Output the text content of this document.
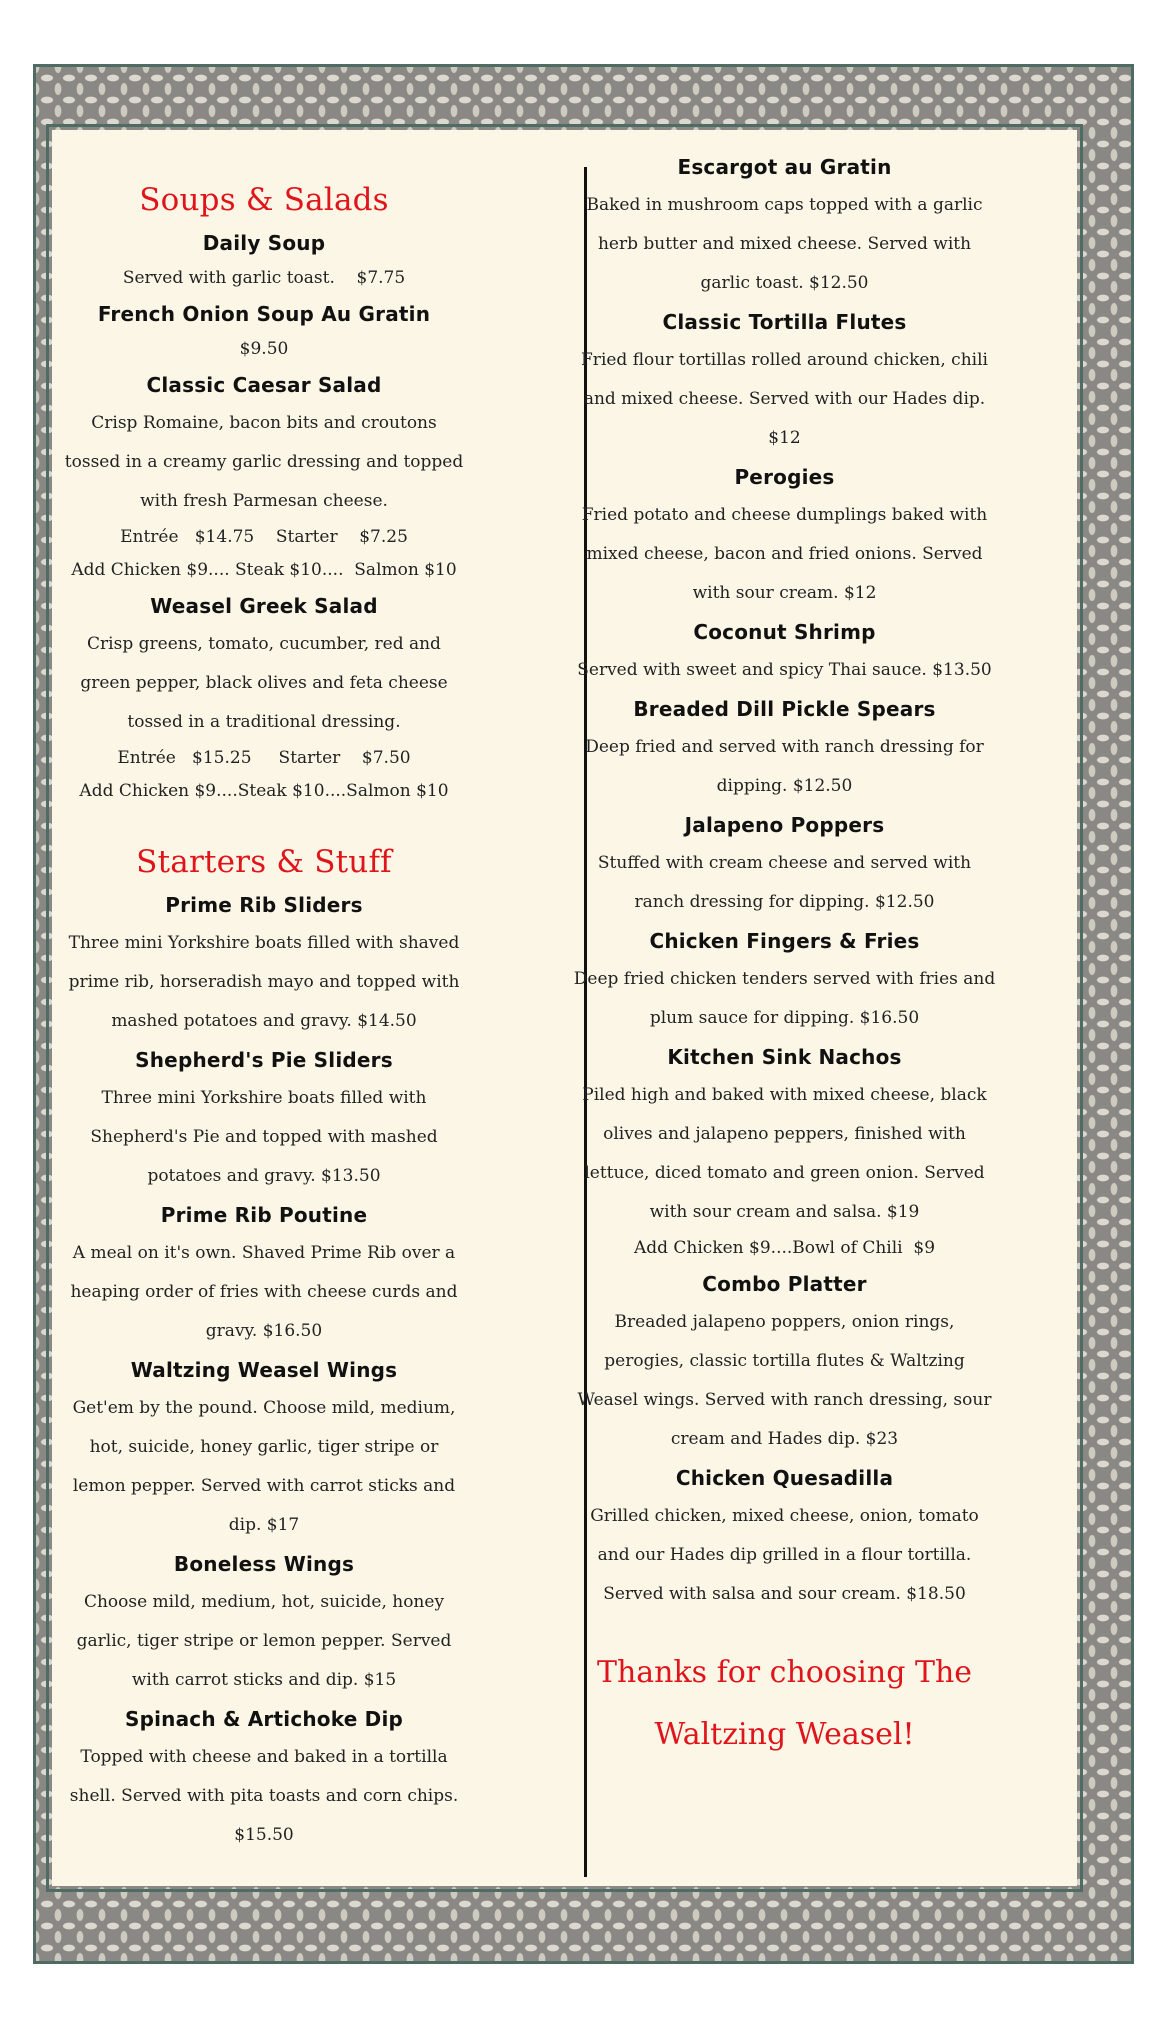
Soups & Salads
Daily Soup
Served with garlic toast.    $7.75
French Onion Soup Au Gratin
$9.50
Classic Caesar Salad
Crisp Romaine, bacon bits and croutons tossed in a creamy garlic dressing and topped with fresh Parmesan cheese.
Entrée   $14.75    Starter    $7.25
Add Chicken $9.... Steak $10....  Salmon $10
Weasel Greek Salad
Crisp greens, tomato, cucumber, red and green pepper, black olives and feta cheese tossed in a traditional dressing.
Entrée   $15.25     Starter    $7.50
Add Chicken $9....Steak $10....Salmon $10
Starters & Stuff
Prime Rib Sliders
Three mini Yorkshire boats filled with shaved prime rib, horseradish mayo and topped with mashed potatoes and gravy. $14.50
Shepherd's Pie Sliders
Three mini Yorkshire boats filled with Shepherd's Pie and topped with mashed potatoes and gravy. $13.50
Prime Rib Poutine
A meal on it's own. Shaved Prime Rib over a heaping order of fries with cheese curds and gravy. $16.50
Waltzing Weasel Wings
Get'em by the pound. Choose mild, medium, hot, suicide, honey garlic, tiger stripe or lemon pepper. Served with carrot sticks and dip. $17
Boneless Wings
Choose mild, medium, hot, suicide, honey garlic, tiger stripe or lemon pepper. Served with carrot sticks and dip. $15
Spinach & Artichoke Dip
Topped with cheese and baked in a tortilla shell. Served with pita toasts and corn chips. $15.50
Escargot au Gratin
Baked in mushroom caps topped with a garlic herb butter and mixed cheese. Served with garlic toast. $12.50
Classic Tortilla Flutes
Fried flour tortillas rolled around chicken, chili and mixed cheese. Served with our Hades dip. $12
Perogies
Fried potato and cheese dumplings baked with mixed cheese, bacon and fried onions. Served with sour cream. $12
Coconut Shrimp
Served with sweet and spicy Thai sauce. $13.50
Breaded Dill Pickle Spears
Deep fried and served with ranch dressing for dipping. $12.50
Jalapeno Poppers
Stuffed with cream cheese and served with ranch dressing for dipping. $12.50
Chicken Fingers & Fries
Deep fried chicken tenders served with fries and plum sauce for dipping. $16.50
Kitchen Sink Nachos
Piled high and baked with mixed cheese, black olives and jalapeno peppers, finished with lettuce, diced tomato and green onion. Served with sour cream and salsa. $19
Add Chicken $9....Bowl of Chili  $9
Combo Platter
Breaded jalapeno poppers, onion rings, perogies, classic tortilla flutes & Waltzing Weasel wings. Served with ranch dressing, sour cream and Hades dip. $23
Chicken Quesadilla
Grilled chicken, mixed cheese, onion, tomato and our Hades dip grilled in a flour tortilla. Served with salsa and sour cream. $18.50
Thanks for choosing The
Waltzing Weasel!
